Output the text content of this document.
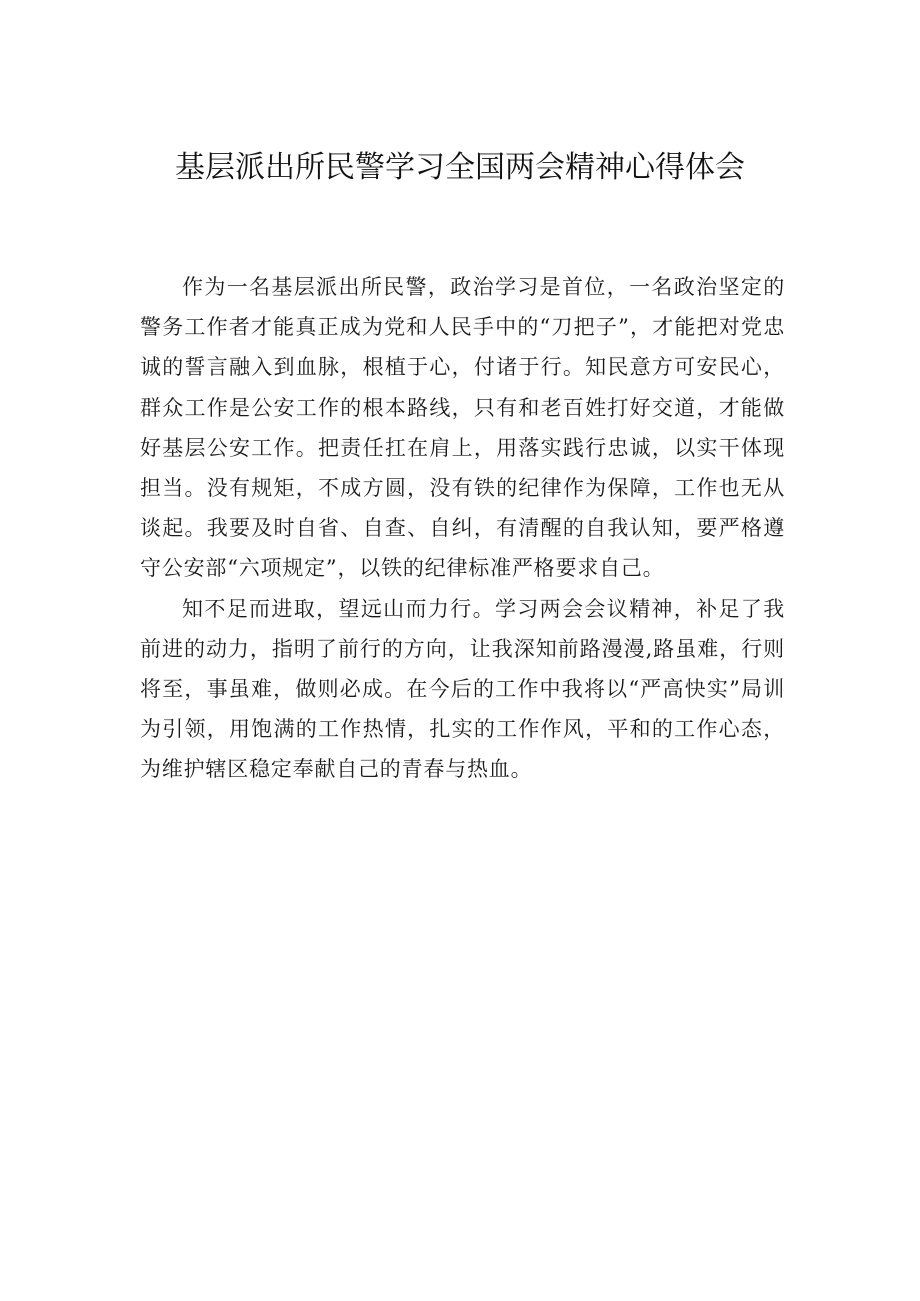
基层派出所民警学习全国两会精神心得体会

作为一名基层派出所民警，政治学习是首位，一名政治坚定的警务工作者才能真正成为党和人民手中的“刀把子”，才能把对党忠诚的誓言融入到血脉，根植于心，付诸于行。知民意方可安民心，群众工作是公安工作的根本路线，只有和老百姓打好交道，才能做好基层公安工作。把责任扛在肩上，用落实践行忠诚，以实干体现担当。没有规矩，不成方圆，没有铁的纪律作为保障，工作也无从谈起。我要及时自省、自查、自纠，有清醒的自我认知，要严格遵守公安部“六项规定”，以铁的纪律标准严格要求自己。

知不足而进取，望远山而力行。学习两会会议精神，补足了我前进的动力，指明了前行的方向，让我深知前路漫漫,路虽难，行则将至，事虽难，做则必成。在今后的工作中我将以“严高快实”局训为引领，用饱满的工作热情，扎实的工作作风，平和的工作心态，为维护辖区稳定奉献自己的青春与热血。
